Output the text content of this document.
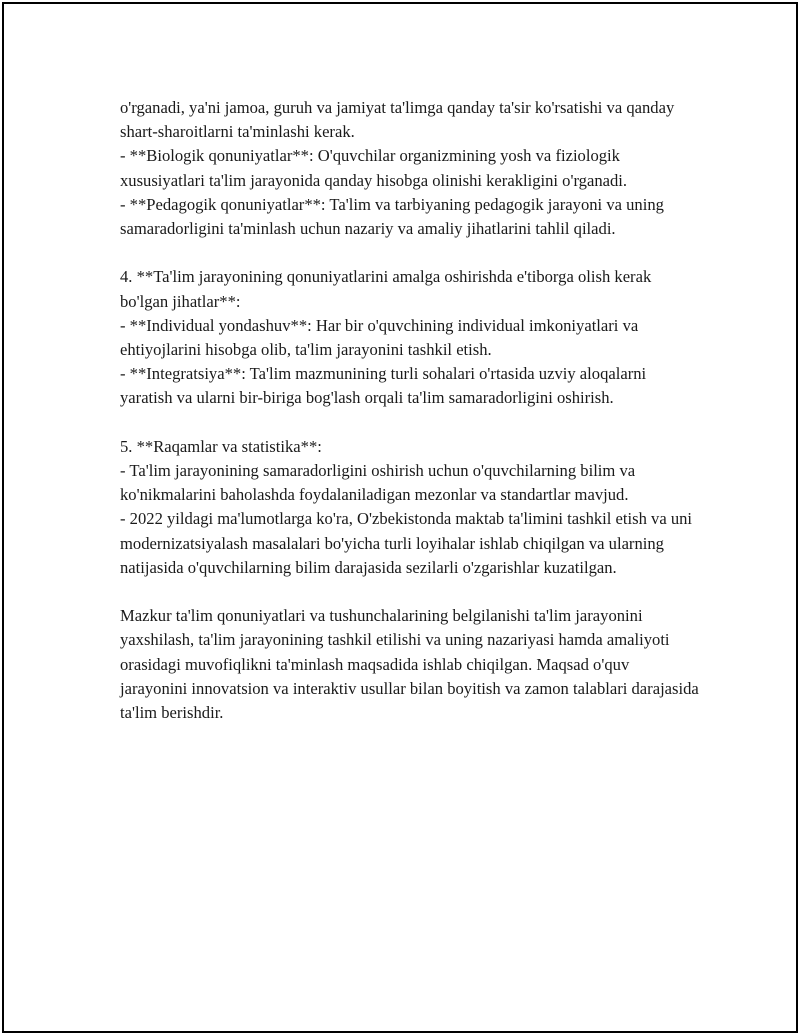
o'rganadi, ya'ni jamoa, guruh va jamiyat ta'limga qanday ta'sir ko'rsatishi va qanday shart-sharoitlarni ta'minlashi kerak.

- **Biologik qonuniyatlar**: O'quvchilar organizmining yosh va fiziologik xususiyatlari ta'lim jarayonida qanday hisobga olinishi kerakligini o'rganadi.
- **Pedagogik qonuniyatlar**: Ta'lim va tarbiyaning pedagogik jarayoni va uning samaradorligini ta'minlash uchun nazariy va amaliy jihatlarini tahlil qiladi.

4. **Ta'lim jarayonining qonuniyatlarini amalga oshirishda e'tiborga olish kerak bo'lgan jihatlar**:

- **Individual yondashuv**: Har bir o'quvchining individual imkoniyatlari va ehtiyojlarini hisobga olib, ta'lim jarayonini tashkil etish.
- **Integratsiya**: Ta'lim mazmunining turli sohalari o'rtasida uzviy aloqalarni yaratish va ularni bir-biriga bog'lash orqali ta'lim samaradorligini oshirish.

5. **Raqamlar va statistika**:

- Ta'lim jarayonining samaradorligini oshirish uchun o'quvchilarning bilim va ko'nikmalarini baholashda foydalaniladigan mezonlar va standartlar mavjud.
- 2022 yildagi ma'lumotlarga ko'ra, O'zbekistonda maktab ta'limini tashkil etish va uni modernizatsiyalash masalalari bo'yicha turli loyihalar ishlab chiqilgan va ularning natijasida o'quvchilarning bilim darajasida sezilarli o'zgarishlar kuzatilgan.

Mazkur ta'lim qonuniyatlari va tushunchalarining belgilanishi ta'lim jarayonini yaxshilash, ta'lim jarayonining tashkil etilishi va uning nazariyasi hamda amaliyoti orasidagi muvofiqlikni ta'minlash maqsadida ishlab chiqilgan. Maqsad o'quv jarayonini innovatsion va interaktiv usullar bilan boyitish va zamon talablari darajasida ta'lim berishdir.
